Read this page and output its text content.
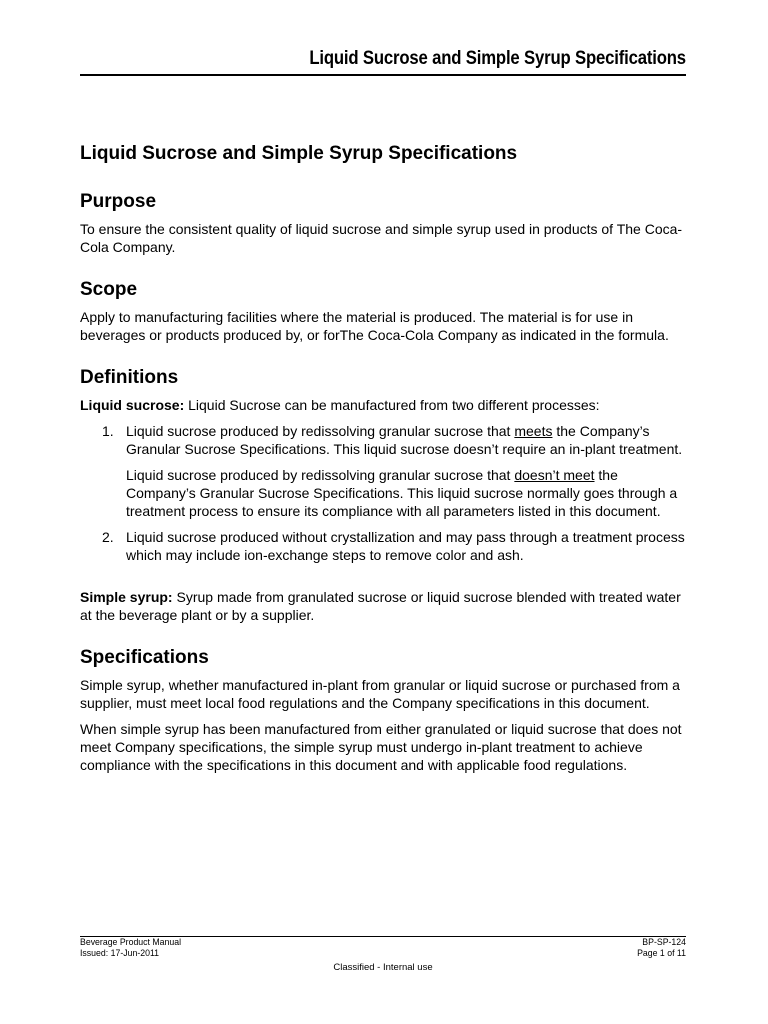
Liquid Sucrose and Simple Syrup Specifications
Liquid Sucrose and Simple Syrup Specifications
Purpose

To ensure the consistent quality of liquid sucrose and simple syrup used in products of The Coca-Cola Company.

Scope

Apply to manufacturing facilities where the material is produced. The material is for use in beverages or products produced by, or forThe Coca-Cola Company as indicated in the formula.

Definitions

Liquid sucrose: Liquid Sucrose can be manufactured from two different processes:

1. Liquid sucrose produced by redissolving granular sucrose that meets the Company’s Granular Sucrose Specifications. This liquid sucrose doesn’t require an in-plant treatment.
Liquid sucrose produced by redissolving granular sucrose that doesn’t meet the Company’s Granular Sucrose Specifications. This liquid sucrose normally goes through a treatment process to ensure its compliance with all parameters listed in this document.
2. Liquid sucrose produced without crystallization and may pass through a treatment process which may include ion-exchange steps to remove color and ash.

Simple syrup: Syrup made from granulated sucrose or liquid sucrose blended with treated water at the beverage plant or by a supplier.

Specifications

Simple syrup, whether manufactured in-plant from granular or liquid sucrose or purchased from a supplier, must meet local food regulations and the Company specifications in this document.

When simple syrup has been manufactured from either granulated or liquid sucrose that does not meet Company specifications, the simple syrup must undergo in-plant treatment to achieve compliance with the specifications in this document and with applicable food regulations.

Beverage Product Manual	BP-SP-124
Issued: 17-Jun-2011	Page 1 of 11
Classified - Internal use
